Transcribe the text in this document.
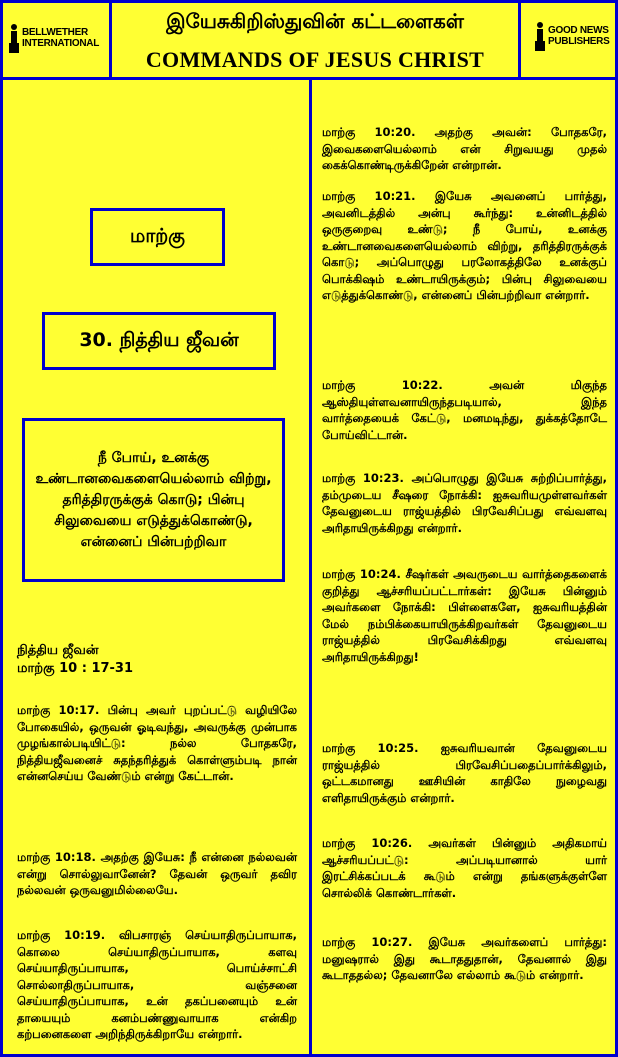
BELLWETHER
INTERNATIONAL
இயேசுகிறிஸ்துவின் கட்டளைகள்
COMMANDS OF JESUS CHRIST
GOOD NEWS
PUBLISHERS
மாற்கு
30. நித்திய ஜீவன்
நீ போய், உனக்கு உண்டானவைகளையெல்லாம் விற்று, தரித்திரருக்குக் கொடு; பின்பு சிலுவையை எடுத்துக்கொண்டு, என்னைப் பின்பற்றிவா
நித்திய ஜீவன்
மாற்கு 10 : 17-31
மாற்கு 10:17. பின்பு அவர் புறப்பட்டு வழியிலே போகையில், ஒருவன் ஓடிவந்து, அவருக்கு முன்பாக முழங்கால்படியிட்டு: நல்ல போதகரே, நித்தியஜீவனைச் சுதந்தரித்துக் கொள்ளும்படி நான் என்னசெய்ய வேண்டும் என்று கேட்டான்.
மாற்கு 10:18. அதற்கு இயேசு: நீ என்னை நல்லவன் என்று சொல்லுவானேன்? தேவன் ஒருவர் தவிர நல்லவன் ஒருவனுமில்லையே.
மாற்கு 10:19. விபசாரஞ் செய்யாதிருப்பாயாக, கொலை செய்யாதிருப்பாயாக, களவு செய்யாதிருப்பாயாக, பொய்ச்சாட்சி சொல்லாதிருப்பாயாக, வஞ்சனை செய்யாதிருப்பாயாக, உன் தகப்பனையும் உன் தாயையும் கனம்பண்ணுவாயாக என்கிற கற்பனைகளை அறிந்திருக்கிறாயே என்றார்.
மாற்கு 10:20. அதற்கு அவன்: போதகரே, இவைகளையெல்லாம் என் சிறுவயது முதல் கைக்கொண்டிருக்கிறேன் என்றான்.
மாற்கு 10:21. இயேசு அவனைப் பார்த்து, அவனிடத்தில் அன்பு கூர்ந்து: உன்னிடத்தில் ஒருகுறைவு உண்டு; நீ போய், உனக்கு உண்டானவைகளையெல்லாம் விற்று, தரித்திரருக்குக் கொடு; அப்பொழுது பரலோகத்திலே உனக்குப் பொக்கிஷம் உண்டாயிருக்கும்; பின்பு சிலுவையை எடுத்துக்கொண்டு, என்னைப் பின்பற்றிவா என்றார்.
மாற்கு 10:22. அவன் மிகுந்த ஆஸ்தியுள்ளவனாயிருந்தபடியால், இந்த வார்த்தையைக் கேட்டு, மனமடிந்து, துக்கத்தோடே போய்விட்டான்.
மாற்கு 10:23. அப்பொழுது இயேசு சுற்றிப்பார்த்து, தம்முடைய சீஷரை நோக்கி: ஐசுவரியமுள்ளவர்கள் தேவனுடைய ராஜ்யத்தில் பிரவேசிப்பது எவ்வளவு அரிதாயிருக்கிறது என்றார்.
மாற்கு 10:24. சீஷர்கள் அவருடைய வார்த்தைகளைக் குறித்து ஆச்சரியப்பட்டார்கள்: இயேசு பின்னும் அவர்களை நோக்கி: பிள்ளைகளே, ஐசுவரியத்தின் மேல் நம்பிக்கையாயிருக்கிறவர்கள் தேவனுடைய ராஜ்யத்தில் பிரவேசிக்கிறது எவ்வளவு அரிதாயிருக்கிறது!
மாற்கு 10:25. ஐசுவரியவான் தேவனுடைய ராஜ்யத்தில் பிரவேசிப்பதைப்பார்க்கிலும், ஒட்டகமானது ஊசியின் காதிலே நுழைவது எளிதாயிருக்கும் என்றார்.
மாற்கு 10:26. அவர்கள் பின்னும் அதிகமாய் ஆச்சரியப்பட்டு: அப்படியானால் யார் இரட்சிக்கப்படக் கூடும் என்று தங்களுக்குள்ளே சொல்லிக் கொண்டார்கள்.
மாற்கு 10:27. இயேசு அவர்களைப் பார்த்து: மனுஷரால் இது கூடாததுதான், தேவனால் இது கூடாததல்ல; தேவனாலே எல்லாம் கூடும் என்றார்.
